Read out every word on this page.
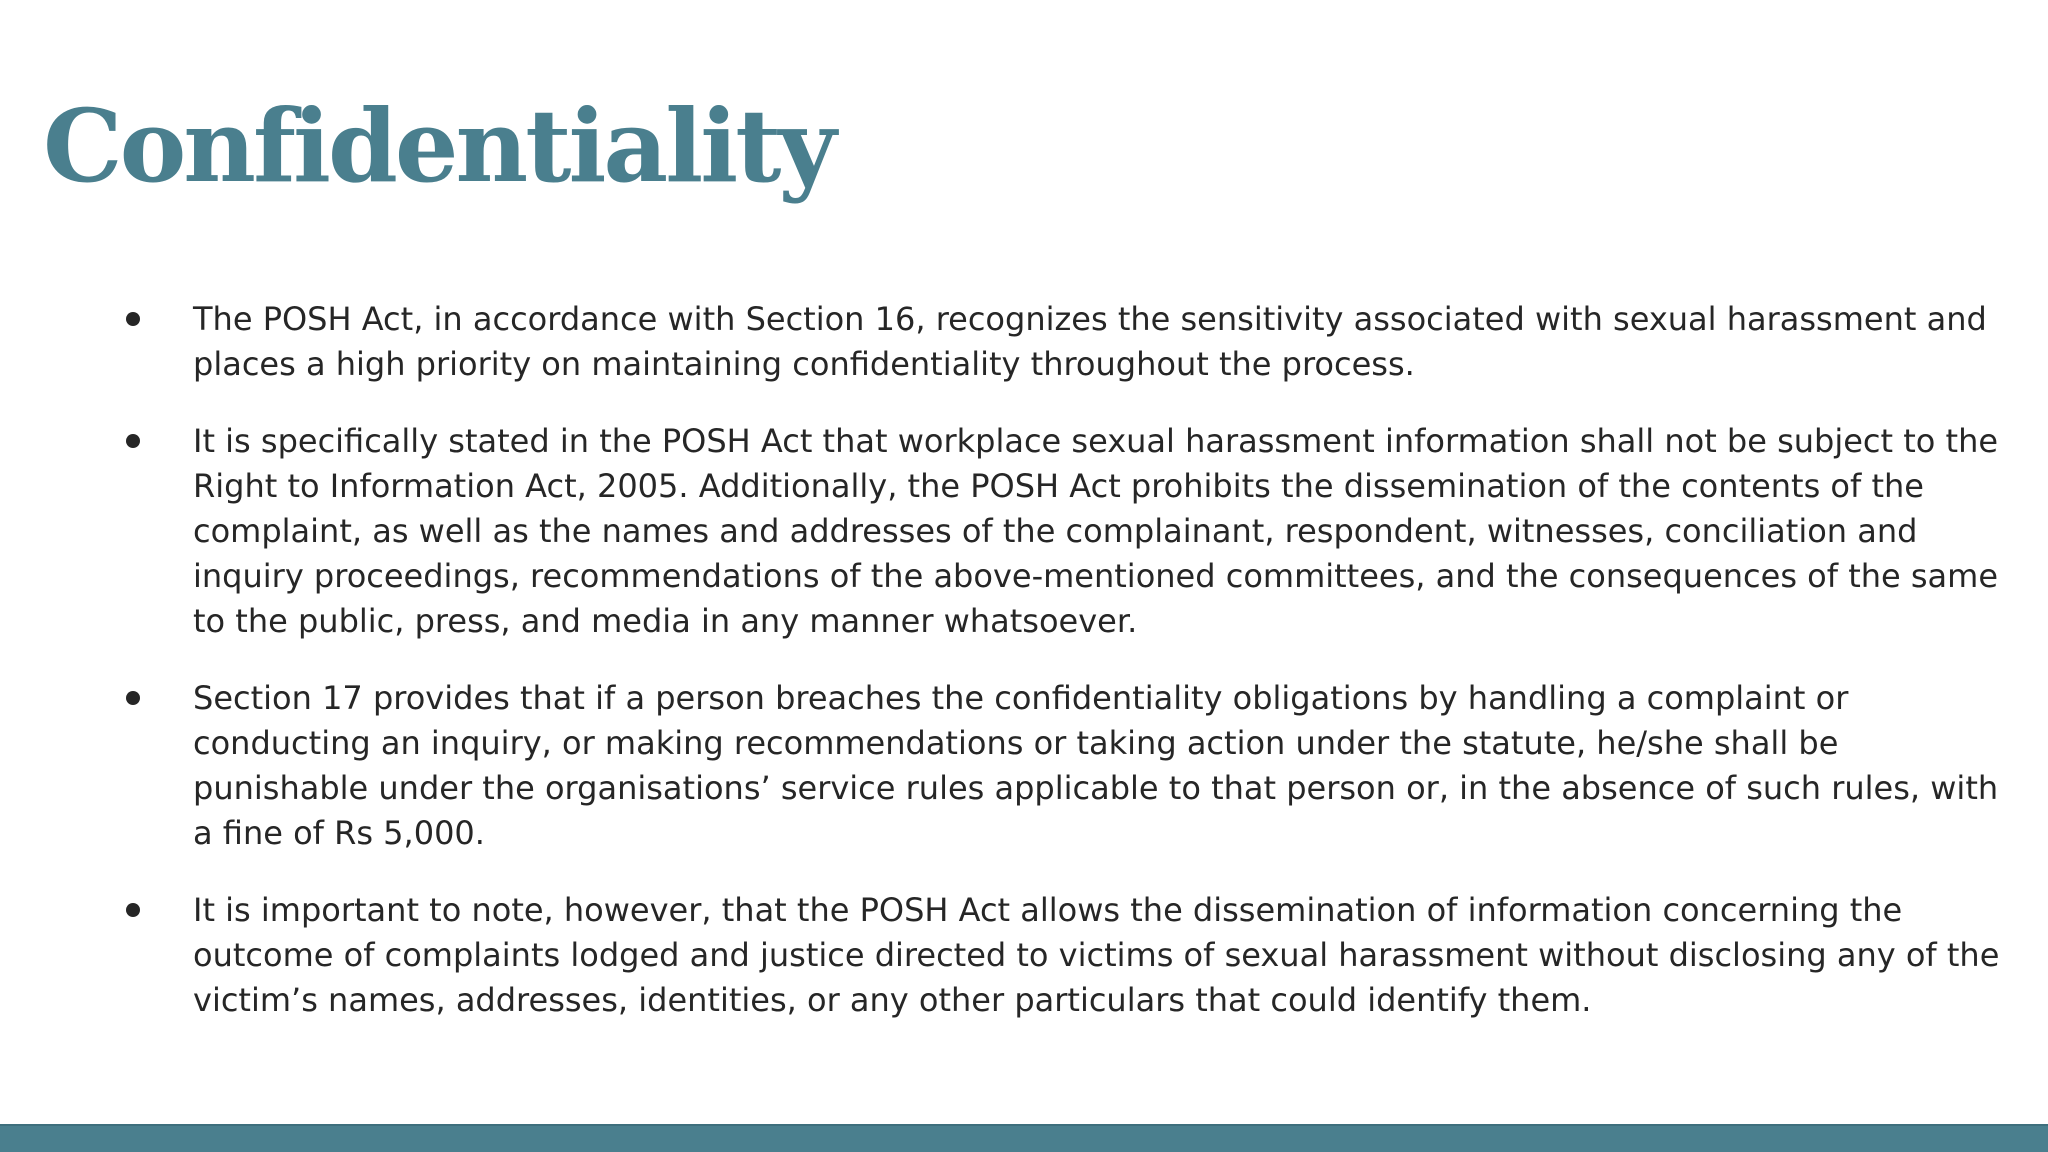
Confidentiality
The POSH Act, in accordance with Section 16, recognizes the sensitivity associated with sexual harassment and places a high priority on maintaining confidentiality throughout the process.
It is specifically stated in the POSH Act that workplace sexual harassment information shall not be subject to the Right to Information Act, 2005. Additionally, the POSH Act prohibits the dissemination of the contents of the complaint, as well as the names and addresses of the complainant, respondent, witnesses, conciliation and inquiry proceedings, recommendations of the above-mentioned committees, and the consequences of the same to the public, press, and media in any manner whatsoever.
Section 17 provides that if a person breaches the confidentiality obligations by handling a complaint or conducting an inquiry, or making recommendations or taking action under the statute, he/she shall be punishable under the organisations’ service rules applicable to that person or, in the absence of such rules, with a fine of Rs 5,000.
It is important to note, however, that the POSH Act allows the dissemination of information concerning the outcome of complaints lodged and justice directed to victims of sexual harassment without disclosing any of the victim’s names, addresses, identities, or any other particulars that could identify them.
